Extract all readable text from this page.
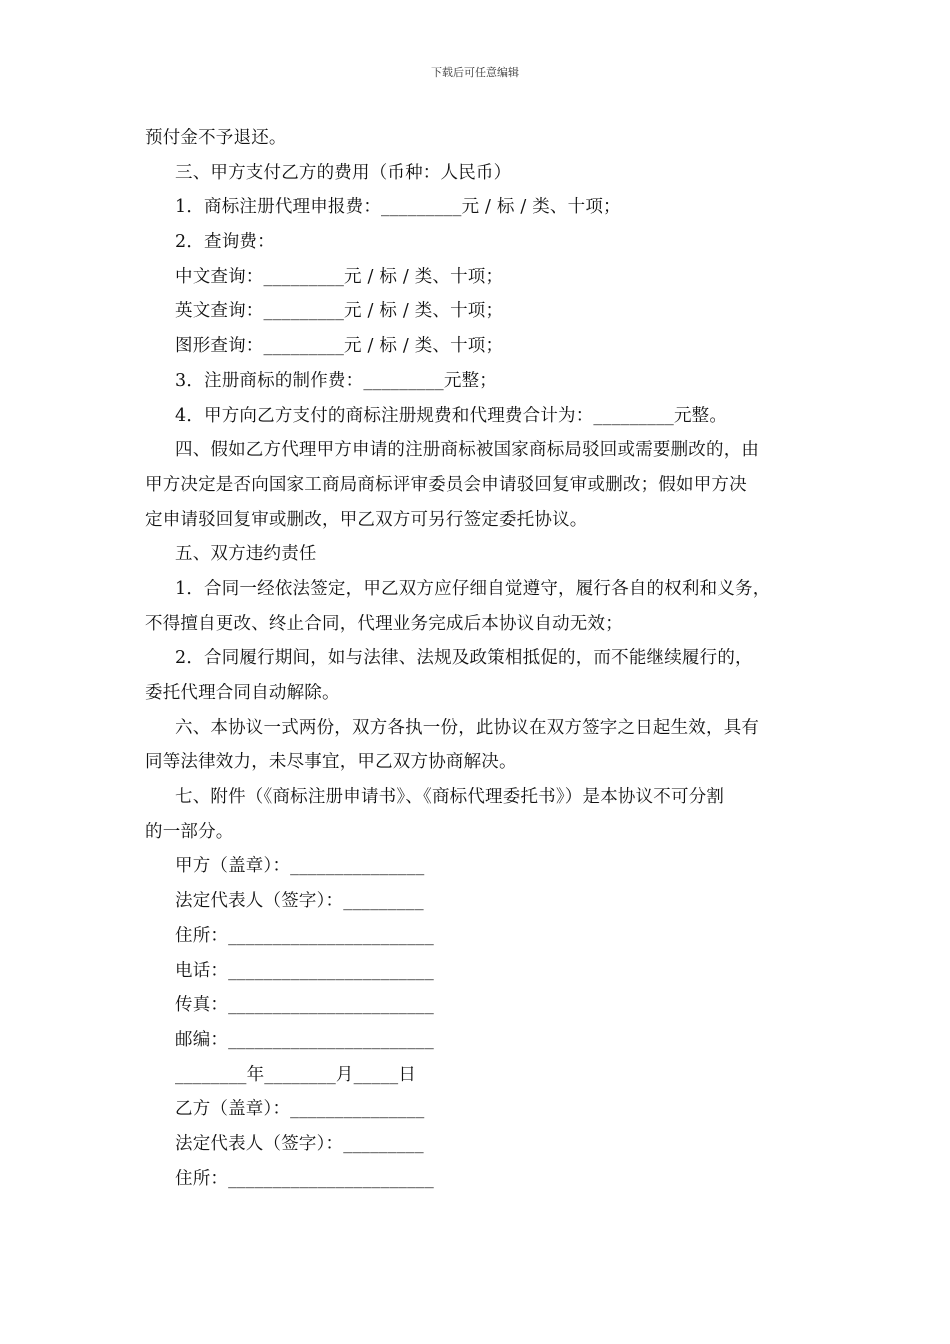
下载后可任意编辑
预付金不予退还。
三、甲方支付乙方的费用（币种：人民币）
1．商标注册代理申报费：_________元 / 标 / 类、十项；
2．查询费：
中文查询：_________元 / 标 / 类、十项；
英文查询：_________元 / 标 / 类、十项；
图形查询：_________元 / 标 / 类、十项；
3．注册商标的制作费：_________元整；
4．甲方向乙方支付的商标注册规费和代理费合计为：_________元整。
四、假如乙方代理甲方申请的注册商标被国家商标局驳回或需要删改的，由
甲方决定是否向国家工商局商标评审委员会申请驳回复审或删改；假如甲方决
定申请驳回复审或删改，甲乙双方可另行签定委托协议。
五、双方违约责任
1．合同一经依法签定，甲乙双方应仔细自觉遵守，履行各自的权利和义务，
不得擅自更改、终止合同，代理业务完成后本协议自动无效；
2．合同履行期间，如与法律、法规及政策相抵促的，而不能继续履行的，
委托代理合同自动解除。
六、本协议一式两份，双方各执一份，此协议在双方签字之日起生效，具有
同等法律效力，未尽事宜，甲乙双方协商解决。
七、附件（《商标注册申请书》、《商标代理委托书》）是本协议不可分割
的一部分。
甲方（盖章）：_______________
法定代表人（签字）：_________
住所：_______________________
电话：_______________________
传真：_______________________
邮编：_______________________
________年________月_____日
乙方（盖章）：_______________
法定代表人（签字）：_________
住所：_______________________
